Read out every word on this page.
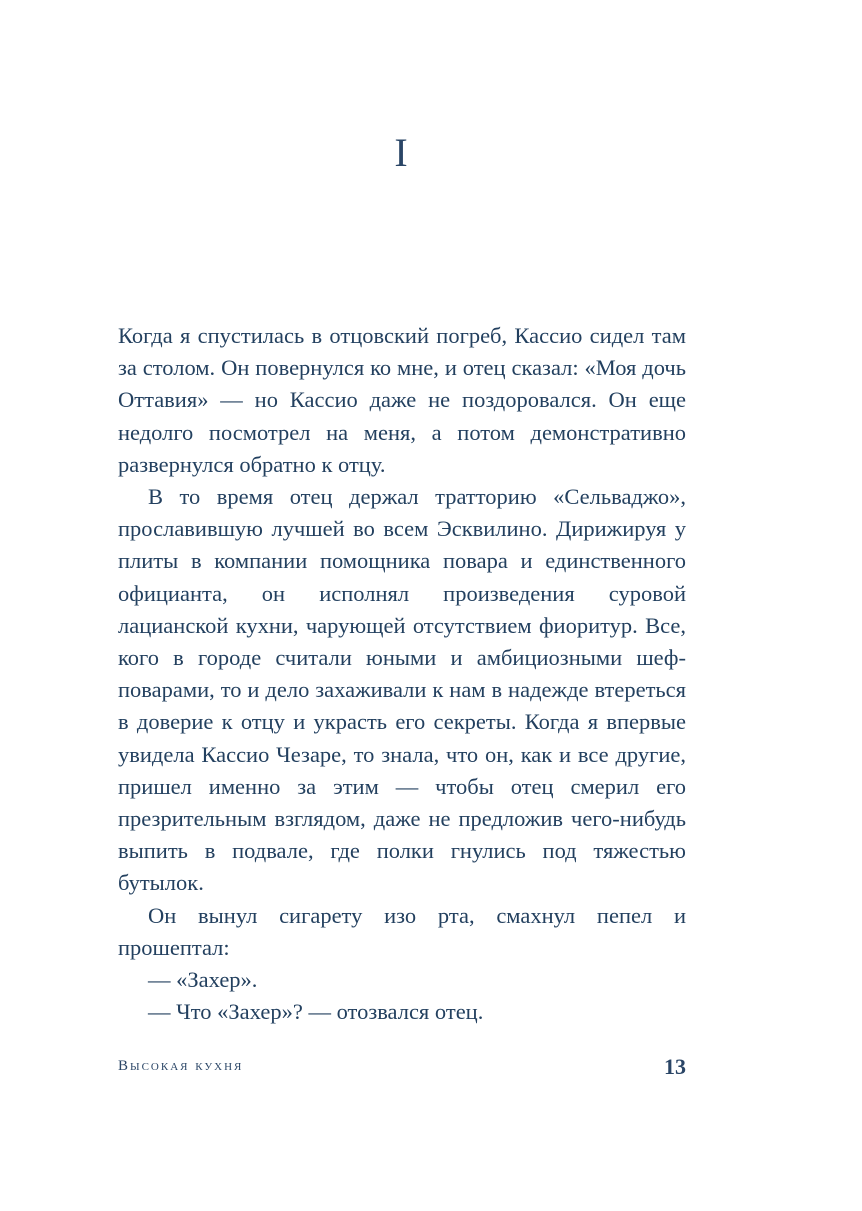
I

Когда я спустилась в отцовский погреб, Кассио сидел там за столом. Он повернулся ко мне, и отец сказал: «Моя дочь Оттавия» — но Кассио даже не поздоровался. Он еще недолго посмотрел на меня, а потом демонстративно развернулся обратно к отцу.

В то время отец держал тратторию «Сельваджо», прославившую лучшей во всем Эсквилино. Дирижируя у плиты в компании помощника повара и единственного официанта, он исполнял произведения суровой лацианской кухни, чарующей отсутствием фиоритур. Все, кого в городе считали юными и амбициозными шеф-поварами, то и дело захаживали к нам в надежде втереться в доверие к отцу и украсть его секреты. Когда я впервые увидела Кассио Чезаре, то знала, что он, как и все другие, пришел именно за этим — чтобы отец смерил его презрительным взглядом, даже не предложив чего-нибудь выпить в подвале, где полки гнулись под тяжестью бутылок.

Он вынул сигарету изо рта, смахнул пепел и прошептал:

— «Захер».

— Что «Захер»? — отозвался отец.

Высокая кухня	13
